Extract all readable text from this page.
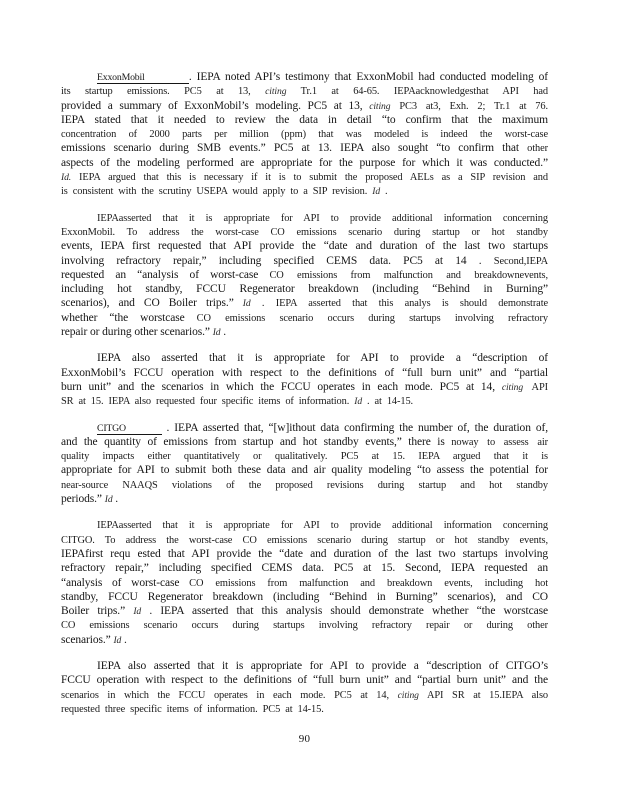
ExxonMobil          . IEPA noted API’s testimony that ExxonMobil had conducted modeling of
its startup emissions. PC5 at 13, citing Tr.1 at 64-65. IEPAacknowledgesthat API had
provided a summary of ExxonMobil’s modeling. PC5 at 13, citing PC3 at3, Exh. 2; Tr.1 at 76.
IEPA stated that it needed to review the data in detail “to confirm that the maximum
concentration of 2000 parts per million (ppm) that was modeled is indeed the worst-case
emissions scenario during SMB events.” PC5 at 13. IEPA also sought “to confirm that other
aspects of the modeling performed are appropriate for the purpose for which it was conducted.”
Id. IEPA argued that this is necessary if it is to submit the proposed AELs as a SIP revision and
is consistent with the scrutiny USEPA would apply to a SIP revision. Id .
IEPAasserted that it is appropriate for API to provide additional information concerning
ExxonMobil. To address the worst-case CO emissions scenario during startup or hot standby
events, IEPA first requested that API provide the “date and duration of the last two startups
involving refractory repair,” including specified CEMS data. PC5 at 14 . Second,IEPA
requested an “analysis of worst-case CO emissions from malfunction and breakdownevents,
including hot standby, FCCU Regenerator breakdown (including “Behind in Burning”
scenarios), and CO Boiler trips.” Id . IEPA asserted that this analys is should demonstrate
whether “the worstcase CO emissions scenario occurs during startups involving refractory
repair or during other scenarios.” Id .
IEPA also asserted that it is appropriate for API to provide a “description of
ExxonMobil’s FCCU operation with respect to the definitions of “full burn unit” and “partial
burn unit” and the scenarios in which the FCCU operates in each mode. PC5 at 14, citing API
SR at 15. IEPA also requested four specific items of information. Id . at 14-15.
CITGO         . IEPA asserted that, “[w]ithout data confirming the number of, the duration of,
and the quantity of emissions from startup and hot standby events,” there is noway to assess air
quality impacts either quantitatively or qualitatively. PC5 at 15. IEPA argued that it is
appropriate for API to submit both these data and air quality modeling “to assess the potential for
near-source NAAQS violations of the proposed revisions during startup and hot standby
periods.” Id .
IEPAasserted that it is appropriate for API to provide additional information concerning
CITGO. To address the worst-case CO emissions scenario during startup or hot standby events,
IEPAfirst requ ested that API provide the “date and duration of the last two startups involving
refractory repair,” including specified CEMS data. PC5 at 15. Second, IEPA requested an
“analysis of worst-case CO emissions from malfunction and breakdown events, including hot
standby, FCCU Regenerator breakdown (including “Behind in Burning” scenarios), and CO
Boiler trips.” Id . IEPA asserted that this analysis should demonstrate whether “the worstcase
CO emissions scenario occurs during startups involving refractory repair or during other
scenarios.” Id .
IEPA also asserted that it is appropriate for API to provide a “description of CITGO’s
FCCU operation with respect to the definitions of “full burn unit” and “partial burn unit” and the
scenarios in which the FCCU operates in each mode. PC5 at 14, citing API SR at 15.IEPA also
requested three specific items of information. PC5 at 14-15.
90
